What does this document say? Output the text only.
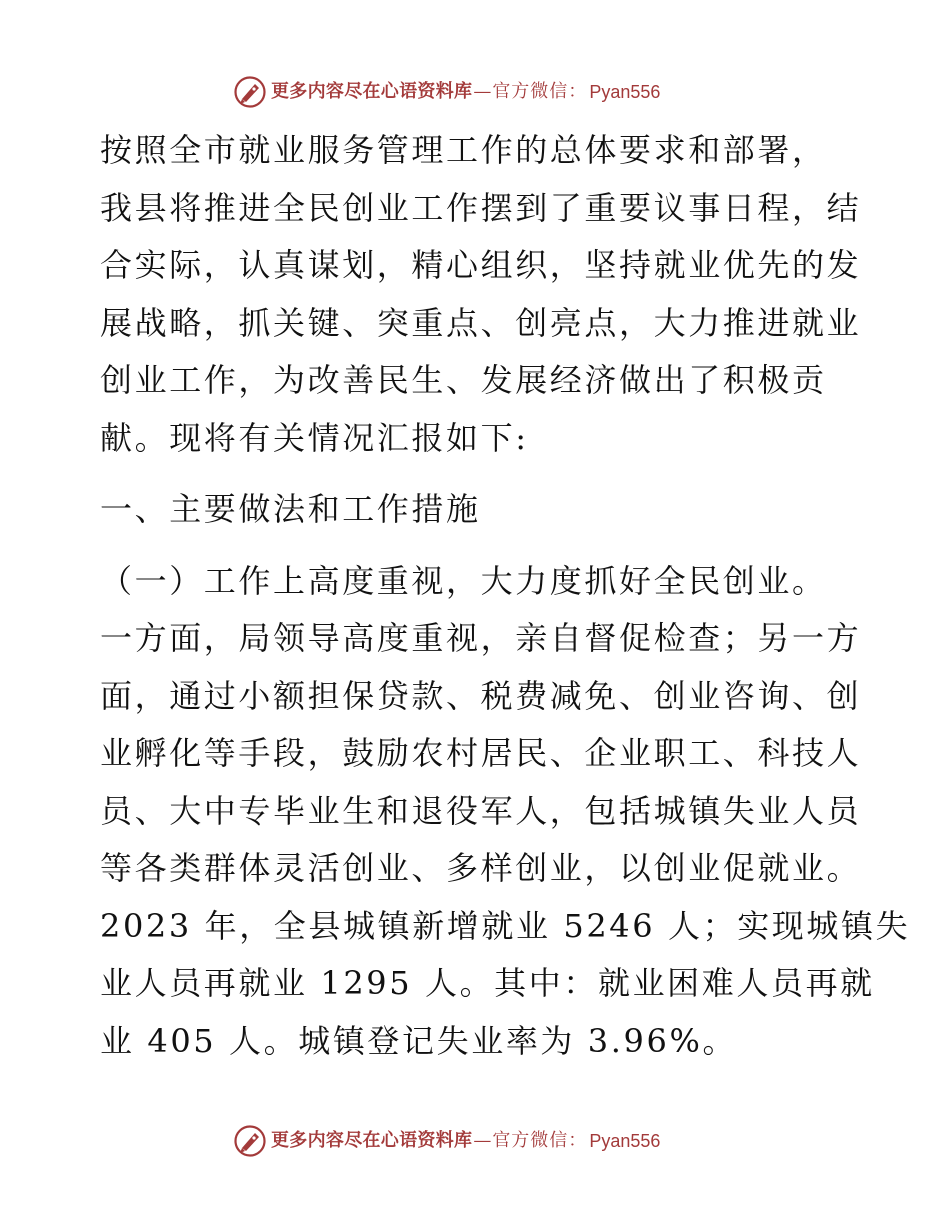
更多内容尽在心语资料库 — 官方微信： Pyan556

按照全市就业服务管理工作的总体要求和部署，

我县将推进全民创业工作摆到了重要议事日程，结

合实际，认真谋划，精心组织，坚持就业优先的发

展战略，抓关键、突重点、创亮点，大力推进就业

创业工作，为改善民生、发展经济做出了积极贡

献。现将有关情况汇报如下:

一、主要做法和工作措施

（一）工作上高度重视，大力度抓好全民创业。

一方面，局领导高度重视，亲自督促检查；另一方

面，通过小额担保贷款、税费减免、创业咨询、创

业孵化等手段，鼓励农村居民、企业职工、科技人

员、大中专毕业生和退役军人，包括城镇失业人员

等各类群体灵活创业、多样创业，以创业促就业。

2023 年，全县城镇新增就业 5246 人；实现城镇失

业人员再就业 1295 人。其中：就业困难人员再就

业 405 人。城镇登记失业率为 3.96%。

更多内容尽在心语资料库 — 官方微信： Pyan556
